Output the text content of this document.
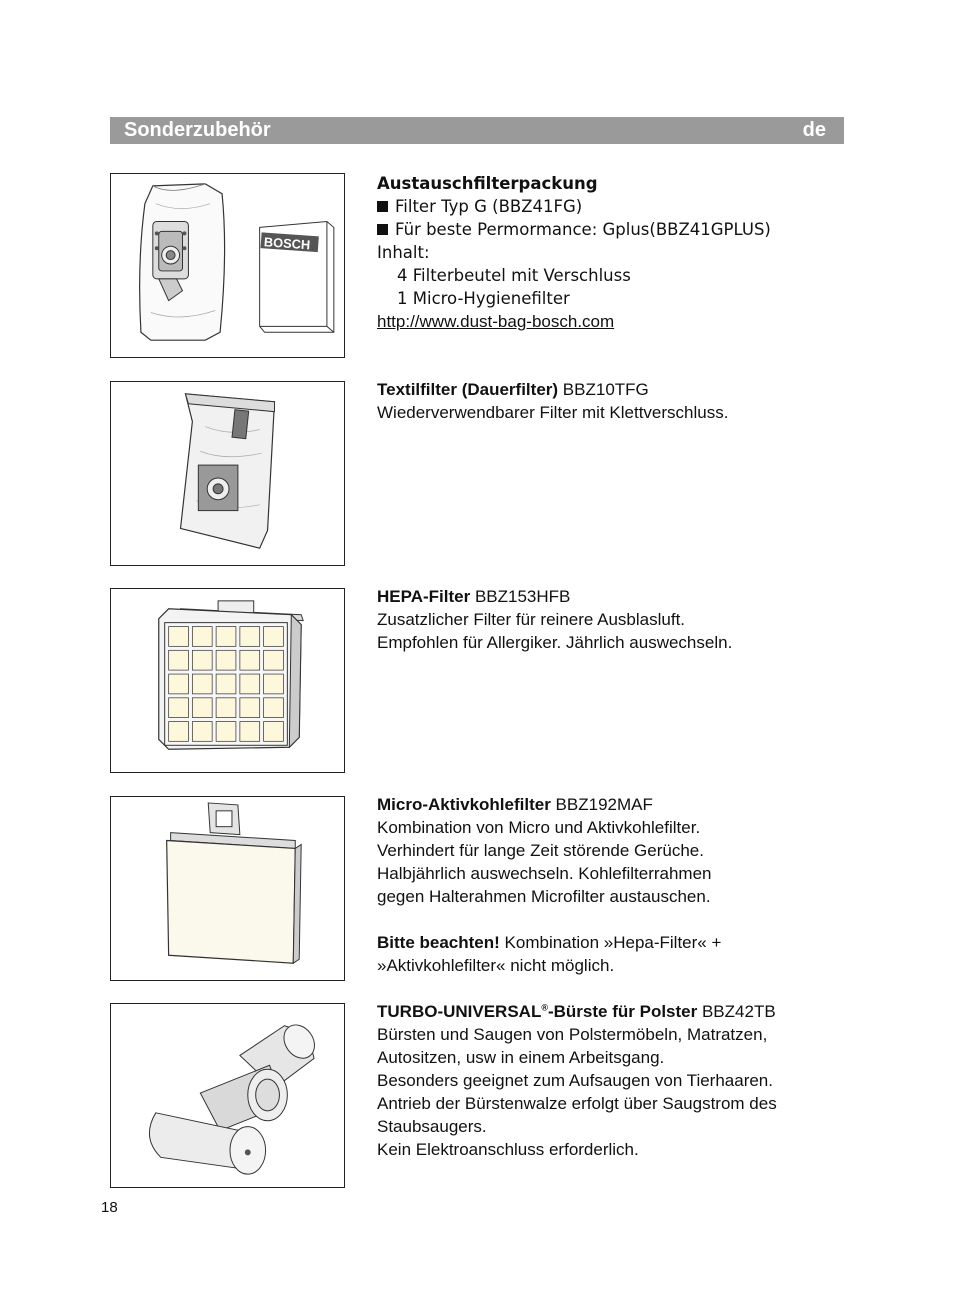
Sonderzubehör	de
BOSCH
Austauschfilterpackung
Filter Typ G (BBZ41FG)
Für beste Permormance: Gplus(BBZ41GPLUS)
Inhalt:
4 Filterbeutel mit Verschluss
1 Micro-Hygienefilter
http://www.dust-bag-bosch.com
Textilfilter (Dauerfilter) BBZ10TFG
Wiederverwendbarer Filter mit Klettverschluss.
HEPA-Filter BBZ153HFB
Zusatzlicher Filter für reinere Ausblasluft.
Empfohlen für Allergiker. Jährlich auswechseln.
Micro-Aktivkohlefilter BBZ192MAF
Kombination von Micro und Aktivkohlefilter.
Verhindert für lange Zeit störende Gerüche.
Halbjährlich auswechseln. Kohlefilterrahmen
gegen Halterahmen Microfilter austauschen.
Bitte beachten! Kombination »Hepa-Filter« +
»Aktivkohlefilter« nicht möglich.
TURBO-UNIVERSAL®-Bürste für Polster BBZ42TB
Bürsten und Saugen von Polstermöbeln, Matratzen,
Autositzen, usw in einem Arbeitsgang.
Besonders geeignet zum Aufsaugen von Tierhaaren.
Antrieb der Bürstenwalze erfolgt über Saugstrom des
Staubsaugers.
Kein Elektroanschluss erforderlich.
18
